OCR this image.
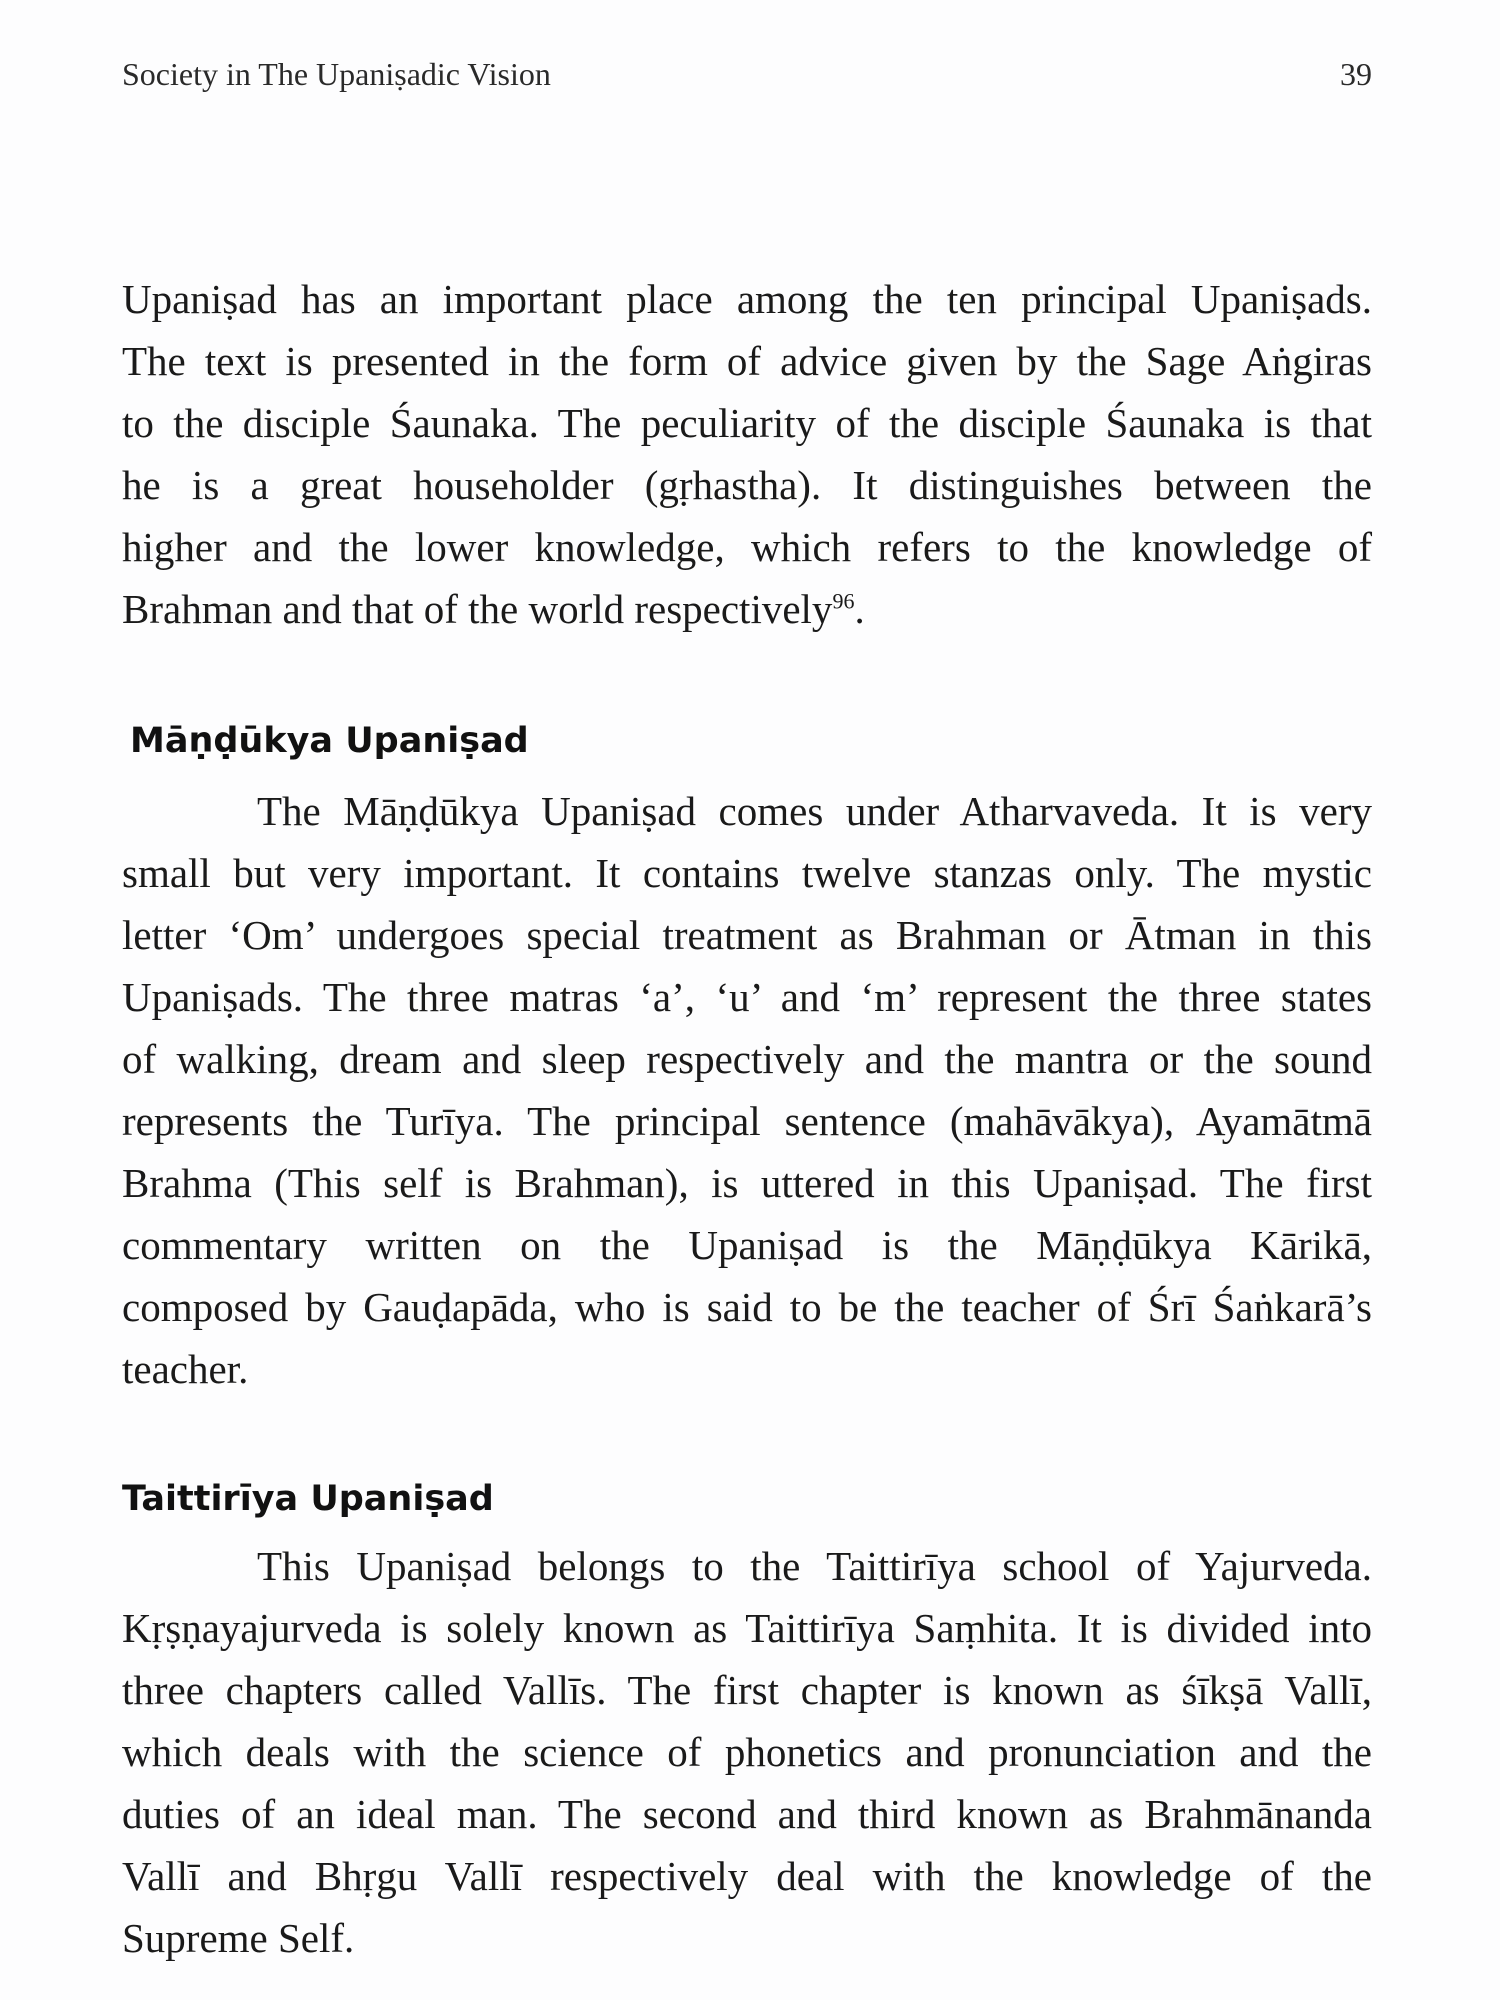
Society in The Upaniṣadic Vision	39
Upaniṣad has an important place among the ten principal Upaniṣads.
The text is presented in the form of advice given by the Sage Aṅgiras
to the disciple Śaunaka. The peculiarity of the disciple Śaunaka is that
he is a great householder (gṛhastha). It distinguishes between the
higher and the lower knowledge, which refers to the knowledge of
Brahman and that of the world respectively$^{96}$.
Māṇḍūkya Upaniṣad
The Māṇḍūkya Upaniṣad comes under Atharvaveda. It is very
small but very important. It contains twelve stanzas only. The mystic
letter ‘Om’ undergoes special treatment as Brahman or Ātman in this
Upaniṣads. The three matras ‘a’, ‘u’ and ‘m’ represent the three states
of walking, dream and sleep respectively and the mantra or the sound
represents the Turīya. The principal sentence (mahāvākya), Ayamātmā
Brahma (This self is Brahman), is uttered in this Upaniṣad. The first
commentary written on the Upaniṣad is the Māṇḍūkya Kārikā,
composed by Gauḍapāda, who is said to be the teacher of Śrī Śaṅkarā’s
teacher.
Taittirīya Upaniṣad
This Upaniṣad belongs to the Taittirīya school of Yajurveda.
Kṛṣṇayajurveda is solely known as Taittirīya Saṃhita. It is divided into
three chapters called Vallīs. The first chapter is known as śīkṣā Vallī,
which deals with the science of phonetics and pronunciation and the
duties of an ideal man. The second and third known as Brahmānanda
Vallī and Bhṛgu Vallī respectively deal with the knowledge of the
Supreme Self.
